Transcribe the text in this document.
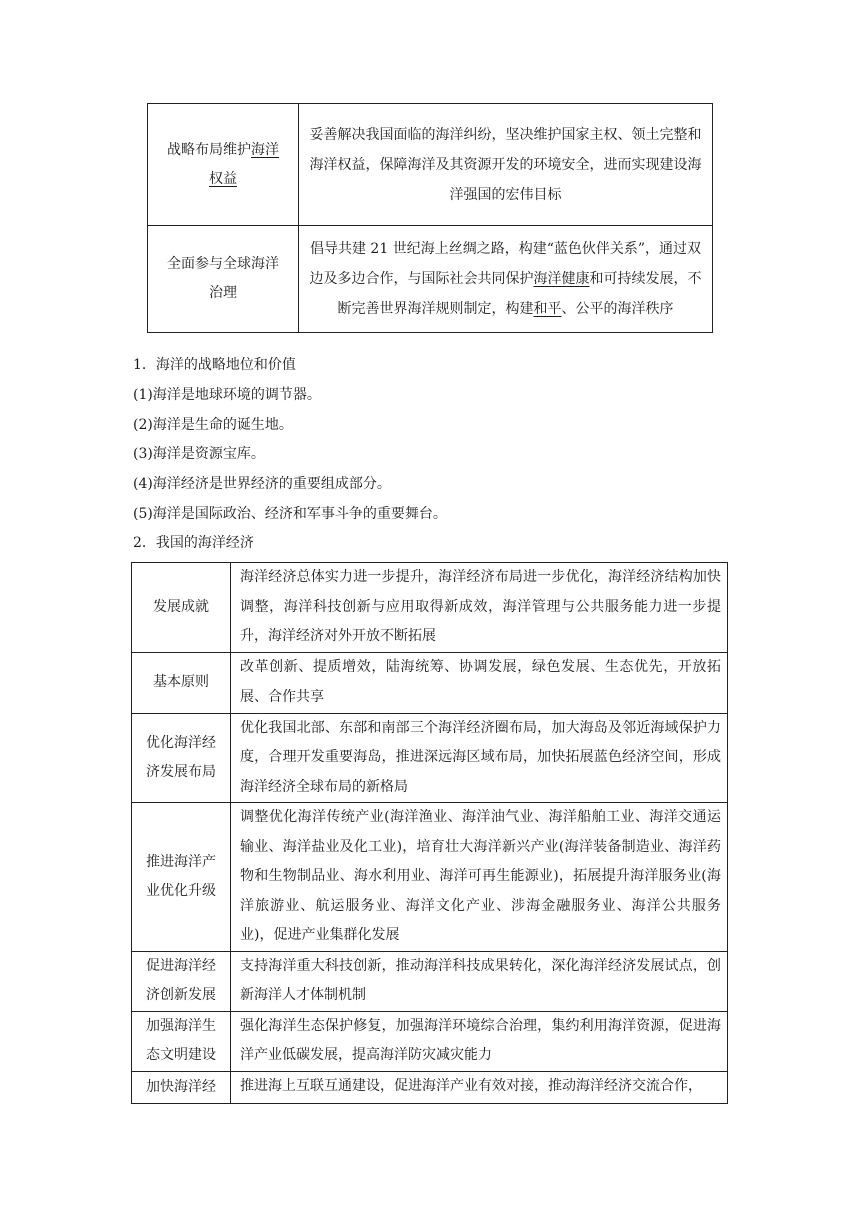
战略布局维护海洋
权益	妥善解决我国面临的海洋纠纷，坚决维护国家主权、领土完整和海洋权益，保障海洋及其资源开发的环境安全，进而实现建设海洋强国的宏伟目标
全面参与全球海洋
治理	倡导共建 21 世纪海上丝绸之路，构建“蓝色伙伴关系”，通过双边及多边合作，与国际社会共同保护海洋健康和可持续发展，不断完善世界海洋规则制定，构建和平、公平的海洋秩序
1．海洋的战略地位和价值
(1)海洋是地球环境的调节器。
(2)海洋是生命的诞生地。
(3)海洋是资源宝库。
(4)海洋经济是世界经济的重要组成部分。
(5)海洋是国际政治、经济和军事斗争的重要舞台。
2．我国的海洋经济
发展成就	海洋经济总体实力进一步提升，海洋经济布局进一步优化，海洋经济结构加快调整，海洋科技创新与应用取得新成效，海洋管理与公共服务能力进一步提升，海洋经济对外开放不断拓展
基本原则	改革创新、提质增效，陆海统筹、协调发展，绿色发展、生态优先，开放拓展、合作共享
优化海洋经
济发展布局	优化我国北部、东部和南部三个海洋经济圈布局，加大海岛及邻近海域保护力度，合理开发重要海岛，推进深远海区域布局，加快拓展蓝色经济空间，形成海洋经济全球布局的新格局
推进海洋产
业优化升级	调整优化海洋传统产业(海洋渔业、海洋油气业、海洋船舶工业、海洋交通运输业、海洋盐业及化工业)，培育壮大海洋新兴产业(海洋装备制造业、海洋药物和生物制品业、海水利用业、海洋可再生能源业)，拓展提升海洋服务业(海洋旅游业、航运服务业、海洋文化产业、涉海金融服务业、海洋公共服务业)，促进产业集群化发展
促进海洋经
济创新发展	支持海洋重大科技创新，推动海洋科技成果转化，深化海洋经济发展试点，创新海洋人才体制机制
加强海洋生
态文明建设	强化海洋生态保护修复，加强海洋环境综合治理，集约利用海洋资源，促进海洋产业低碳发展，提高海洋防灾减灾能力
加快海洋经	推进海上互联互通建设，促进海洋产业有效对接，推动海洋经济交流合作，
